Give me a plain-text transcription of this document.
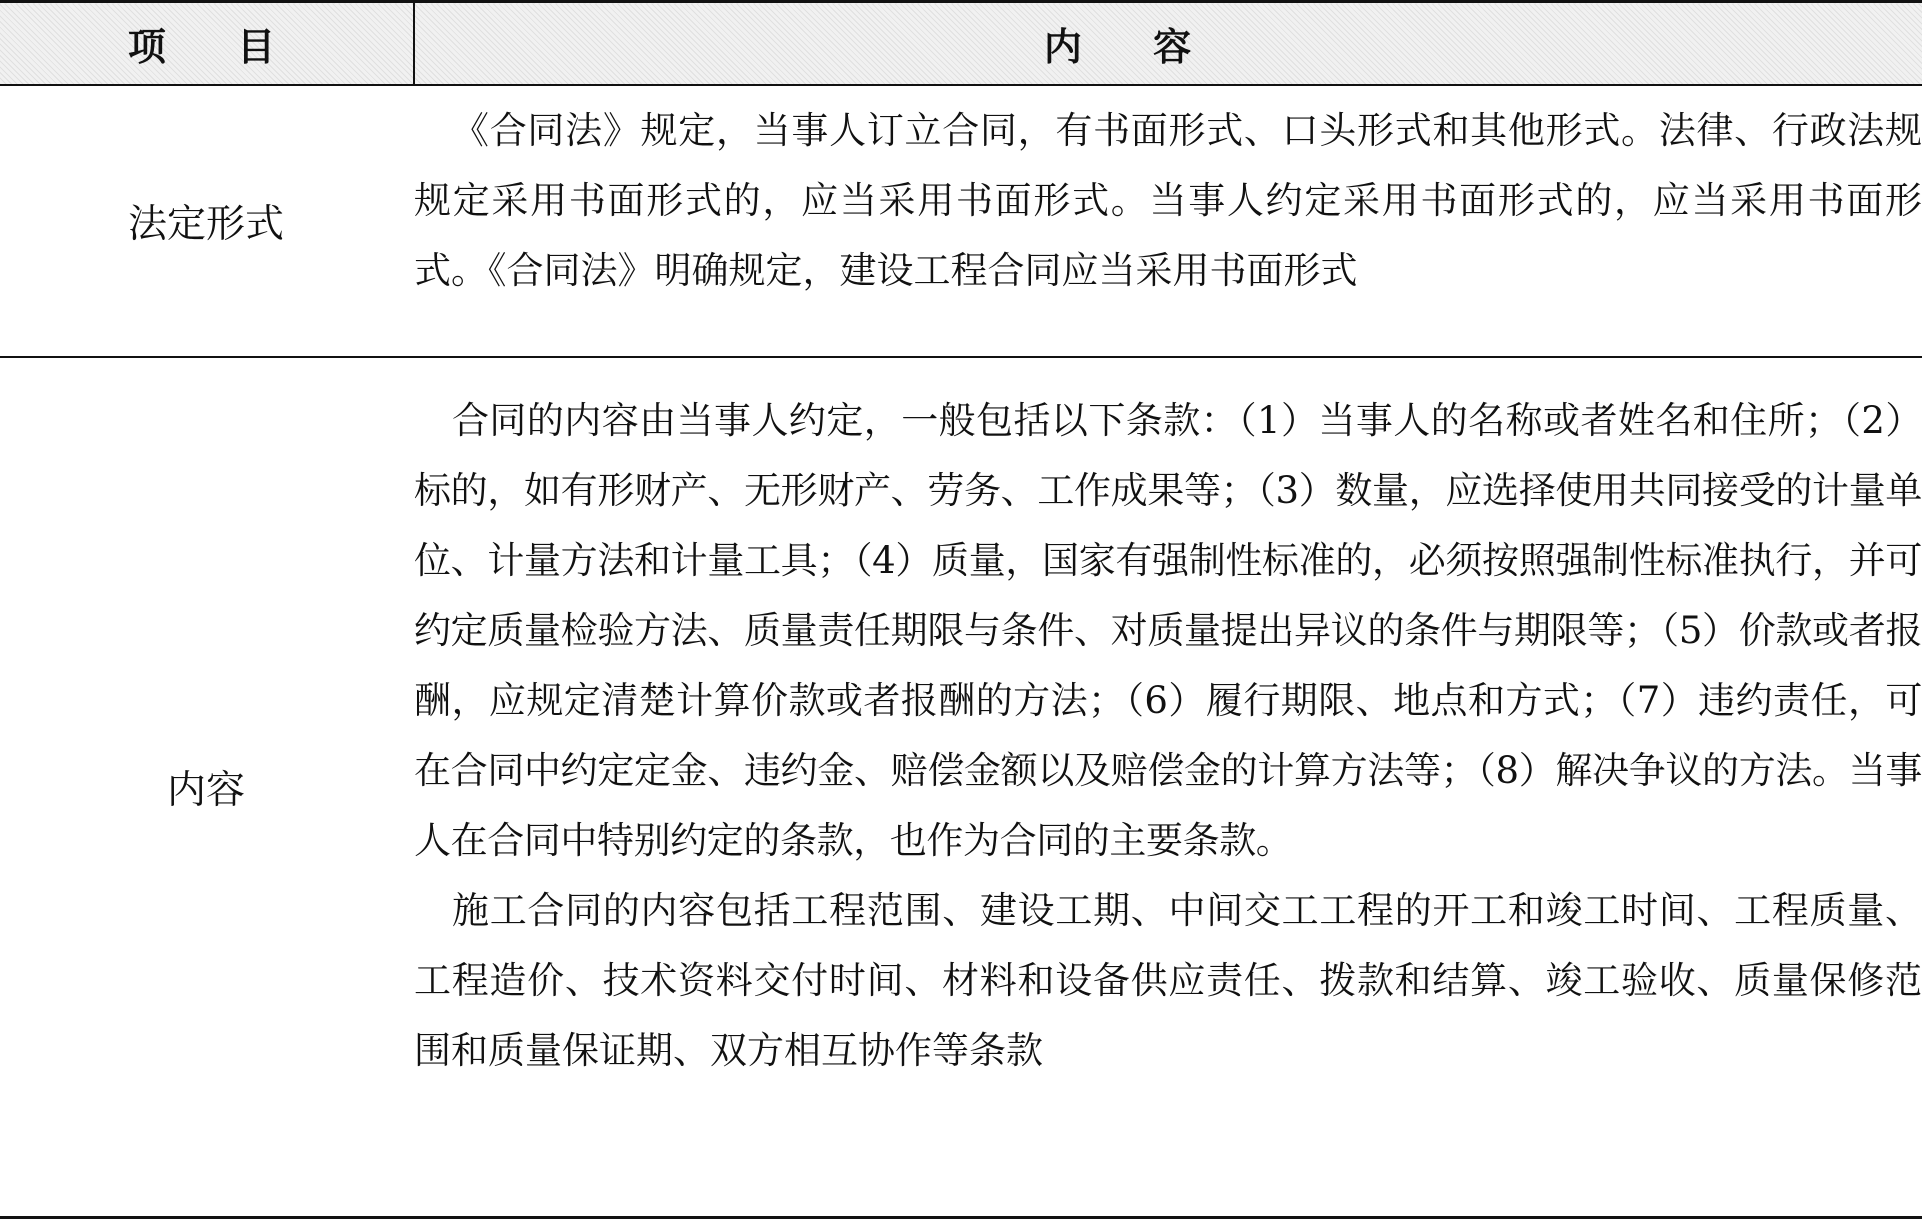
项 目	内 容
法定形式	《合同法》规定，当事人订立合同，有书面形式、口头形式和其他形式。法律、行政法规规定采用书面形式的，应当采用书面形式。当事人约定采用书面形式的，应当采用书面形式。《合同法》明确规定，建设工程合同应当采用书面形式

内容	合同的内容由当事人约定，一般包括以下条款：（1）当事人的名称或者姓名和住所；（2）标的，如有形财产、无形财产、劳务、工作成果等；（3）数量，应选择使用共同接受的计量单位、计量方法和计量工具；（4）质量，国家有强制性标准的，必须按照强制性标准执行，并可约定质量检验方法、质量责任期限与条件、对质量提出异议的条件与期限等；（5）价款或者报酬，应规定清楚计算价款或者报酬的方法；（6）履行期限、地点和方式；（7）违约责任，可在合同中约定定金、违约金、赔偿金额以及赔偿金的计算方法等；（8）解决争议的方法。当事人在合同中特别约定的条款，也作为合同的主要条款。

施工合同的内容包括工程范围、建设工期、中间交工工程的开工和竣工时间、工程质量、工程造价、技术资料交付时间、材料和设备供应责任、拨款和结算、竣工验收、质量保修范围和质量保证期、双方相互协作等条款
